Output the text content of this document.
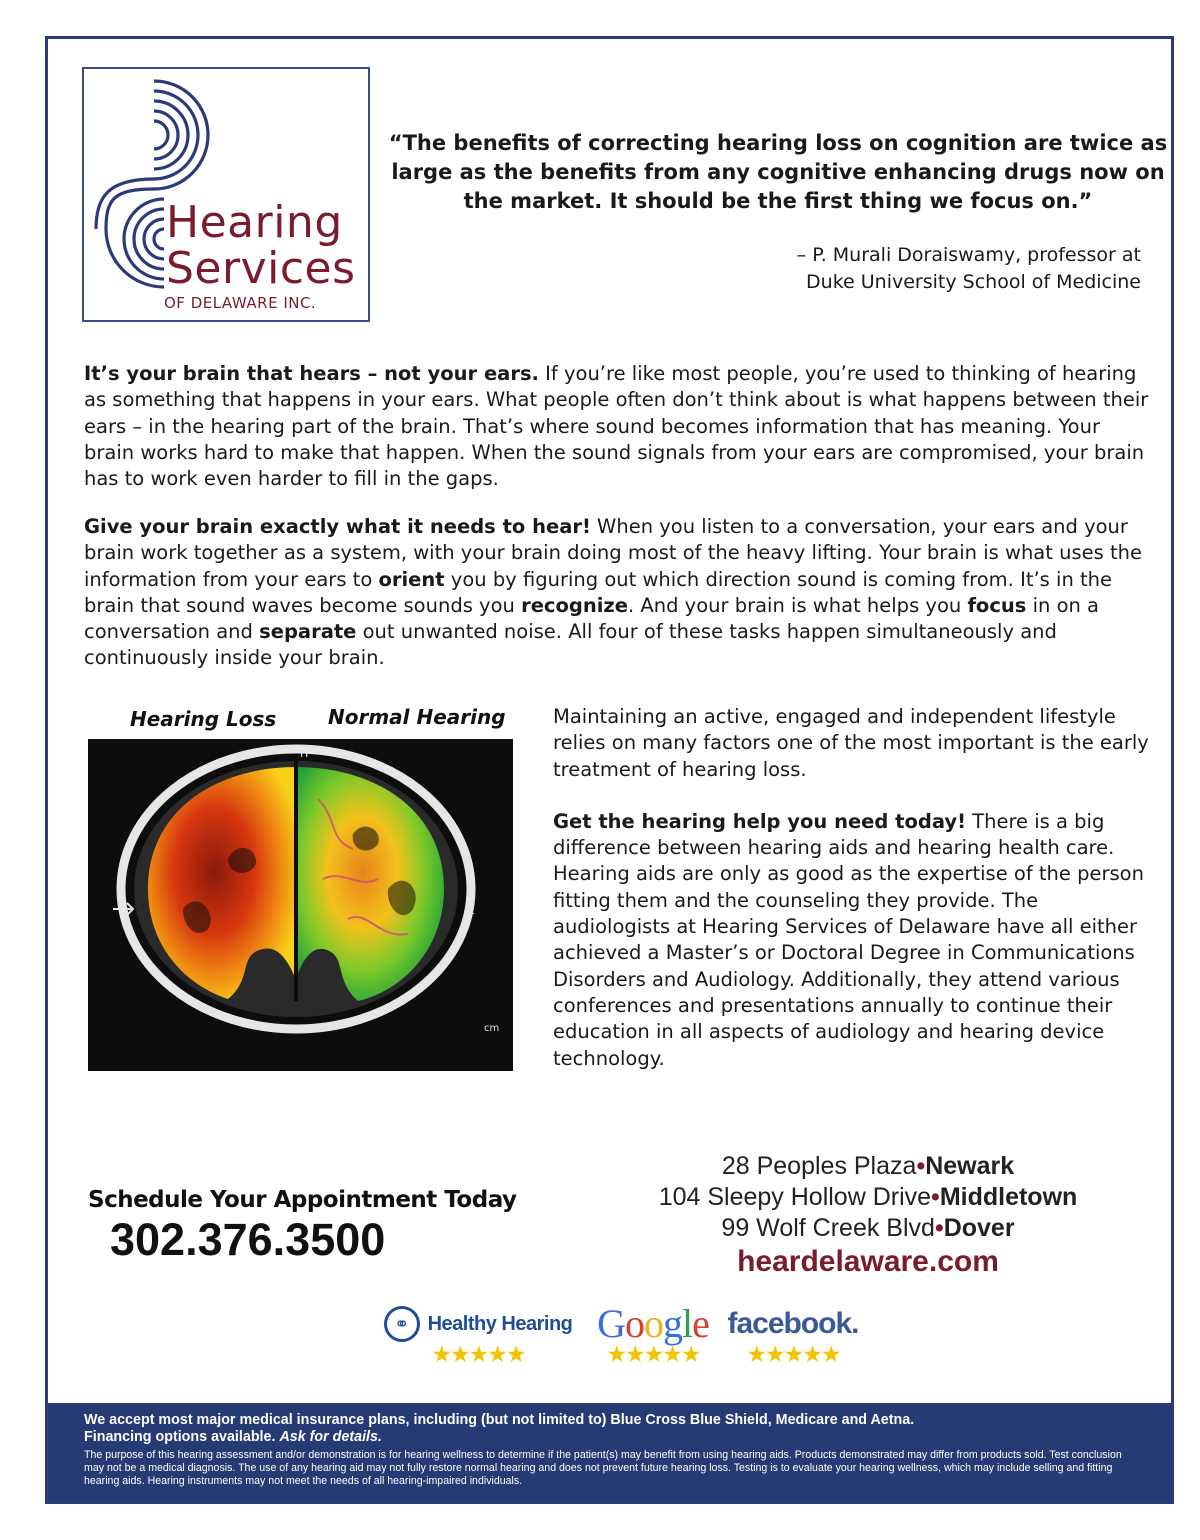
Hearing
Services
OF DELAWARE INC.
“The benefits of correcting hearing loss on cognition are twice as large as the benefits from any cognitive enhancing drugs now on the market. It should be the first thing we focus on.”
– P. Murali Doraiswamy, professor at
Duke University School of Medicine
It’s your brain that hears – not your ears. If you’re like most people, you’re used to thinking of hearing as something that happens in your ears. What people often don’t think about is what happens between their ears – in the hearing part of the brain. That’s where sound becomes information that has meaning. Your brain works hard to make that happen. When the sound signals from your ears are compromised, your brain has to work even harder to fill in the gaps.
Give your brain exactly what it needs to hear! When you listen to a conversation, your ears and your brain work together as a system, with your brain doing most of the heavy lifting. Your brain is what uses the information from your ears to orient you by figuring out which direction sound is coming from. It’s in the brain that sound waves become sounds you recognize. And your brain is what helps you focus in on a conversation and separate out unwanted noise. All four of these tasks happen simultaneously and continuously inside your brain.
Hearing Loss	Normal Hearing
H
L
cm

Maintaining an active, engaged and independent lifestyle relies on many factors one of the most important is the early treatment of hearing loss.

Get the hearing help you need today! There is a big difference between hearing aids and hearing health care. Hearing aids are only as good as the expertise of the person fitting them and the counseling they provide. The audiologists at Hearing Services of Delaware have all either achieved a Master’s or Doctoral Degree in Communications Disorders and Audiology. Additionally, they attend various conferences and presentations annually to continue their education in all aspects of audiology and hearing device technology.

Schedule Your Appointment Today
302.376.3500
28 Peoples Plaza•Newark
104 Sleepy Hollow Drive•Middletown
99 Wolf Creek Blvd•Dover
heardelaware.com
⚭ Healthy Hearing
★★★★★
Google
★★★★★
facebook.
★★★★★
We accept most major medical insurance plans, including (but not limited to) Blue Cross Blue Shield, Medicare and Aetna.
Financing options available. Ask for details.
The purpose of this hearing assessment and/or demonstration is for hearing wellness to determine if the patient(s) may benefit from using hearing aids. Products demonstrated may differ from products sold. Test conclusion may not be a medical diagnosis. The use of any hearing aid may not fully restore normal hearing and does not prevent future hearing loss. Testing is to evaluate your hearing wellness, which may include selling and fitting hearing aids. Hearing instruments may not meet the needs of all hearing-impaired individuals.
